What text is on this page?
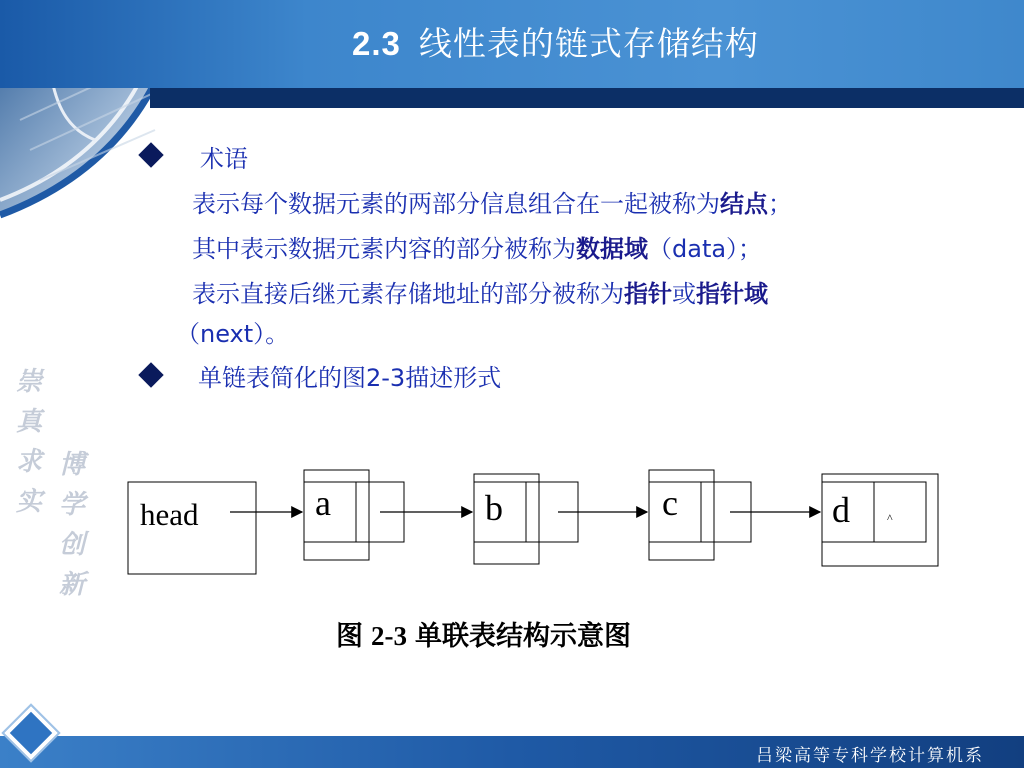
2.3 线性表的链式存储结构
崇真求实
博学创新
术语
表示每个数据元素的两部分信息组合在一起被称为结点；
其中表示数据元素内容的部分被称为数据域（data）；
表示直接后继元素存储地址的部分被称为指针或指针域
（next）。
单链表简化的图2-3描述形式
head	a	b	c	d	^
图 2-3 单联表结构示意图
吕梁高等专科学校计算机系
